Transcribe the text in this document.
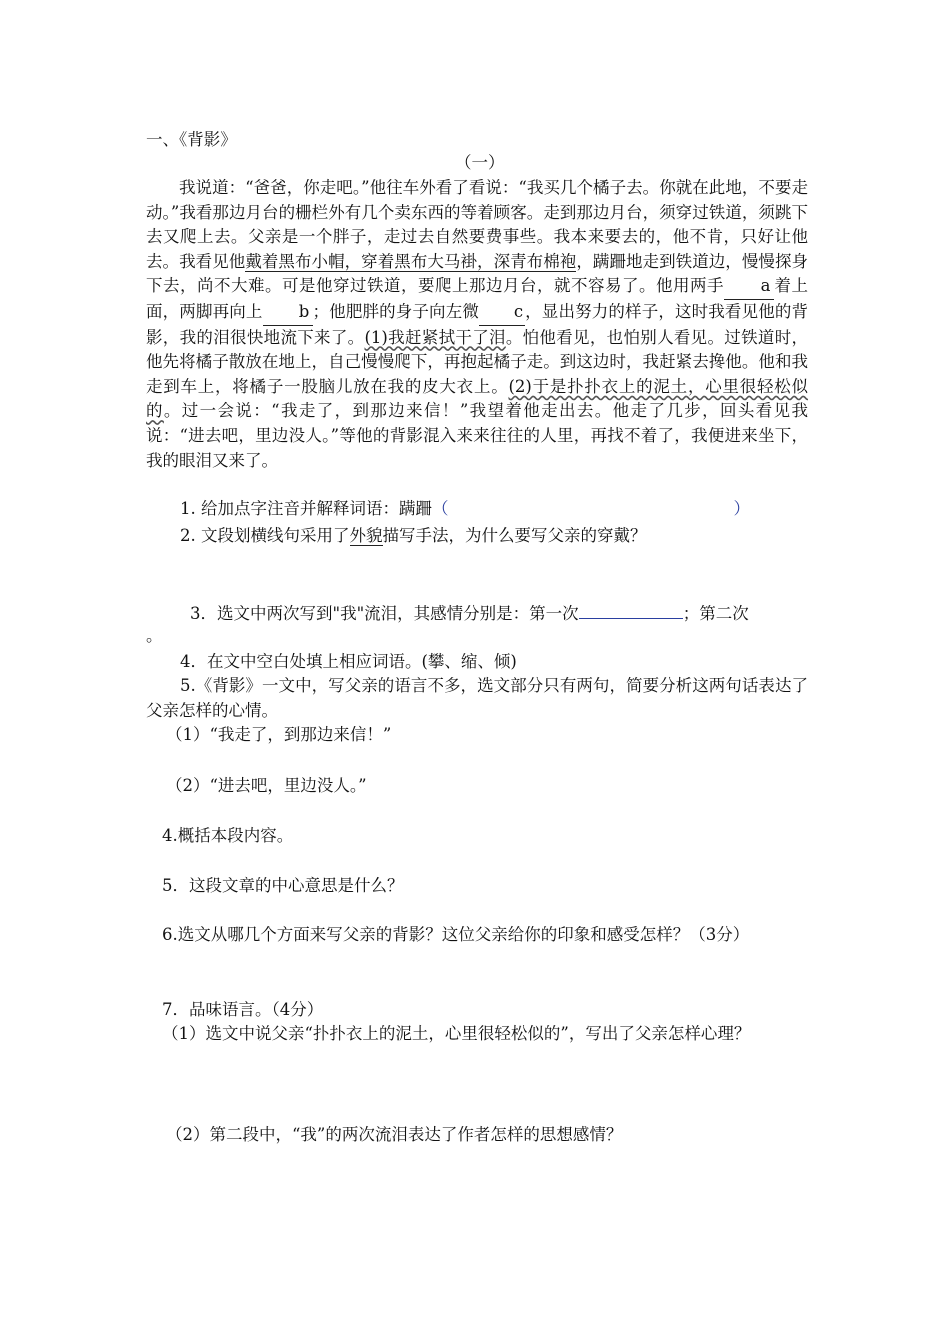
一、《背影》
（一）
我说道：“爸爸，你走吧。”他往车外看了看说：“我买几个橘子去。你就在此地，不要走动。”我看那边月台的栅栏外有几个卖东西的等着顾客。走到那边月台，须穿过铁道，须跳下去又爬上去。父亲是一个胖子，走过去自然要费事些。我本来要去的，他不肯，只好让他去。我看见他戴着黑布小帽，穿着黑布大马褂，深青布棉袍，蹒跚地走到铁道边，慢慢探身下去，尚不大难。可是他穿过铁道，要爬上那边月台，就不容易了。他用两手 a 着上面，两脚再向上 b ；他肥胖的身子向左微 c ，显出努力的样子，这时我看见他的背影，我的泪很快地流下来了。(1)我赶紧拭干了泪。怕他看见，也怕别人看见。过铁道时，他先将橘子散放在地上，自己慢慢爬下，再抱起橘子走。到这边时，我赶紧去搀他。他和我走到车上，将橘子一股脑儿放在我的皮大衣上。(2)于是扑扑衣上的泥土，心里很轻松似的。过一会说：“我走了，到那边来信！”我望着他走出去。他走了几步，回头看见我说：“进去吧，里边没人。”等他的背影混入来来往往的人里，再找不着了，我便进来坐下，我的眼泪又来了。
1. 给加点字注音并解释词语：蹒跚（	）
2. 文段划横线句采用了外貌描写手法，为什么要写父亲的穿戴？
3．选文中两次写到"我"流泪，其感情分别是：第一次	；第二次
。
4．在文中空白处填上相应词语。(攀、缩、倾)
5.《背影》一文中，写父亲的语言不多，选文部分只有两句，简要分析这两句话表达了父亲怎样的心情。
（1）“我走了，到那边来信！”
（2）“进去吧，里边没人。”
4.概括本段内容。
5．这段文章的中心意思是什么？
6.选文从哪几个方面来写父亲的背影？这位父亲给你的印象和感受怎样？（3分）
7．品味语言。（4分）
（1）选文中说父亲“扑扑衣上的泥土，心里很轻松似的”，写出了父亲怎样心理？
（2）第二段中，“我”的两次流泪表达了作者怎样的思想感情？
